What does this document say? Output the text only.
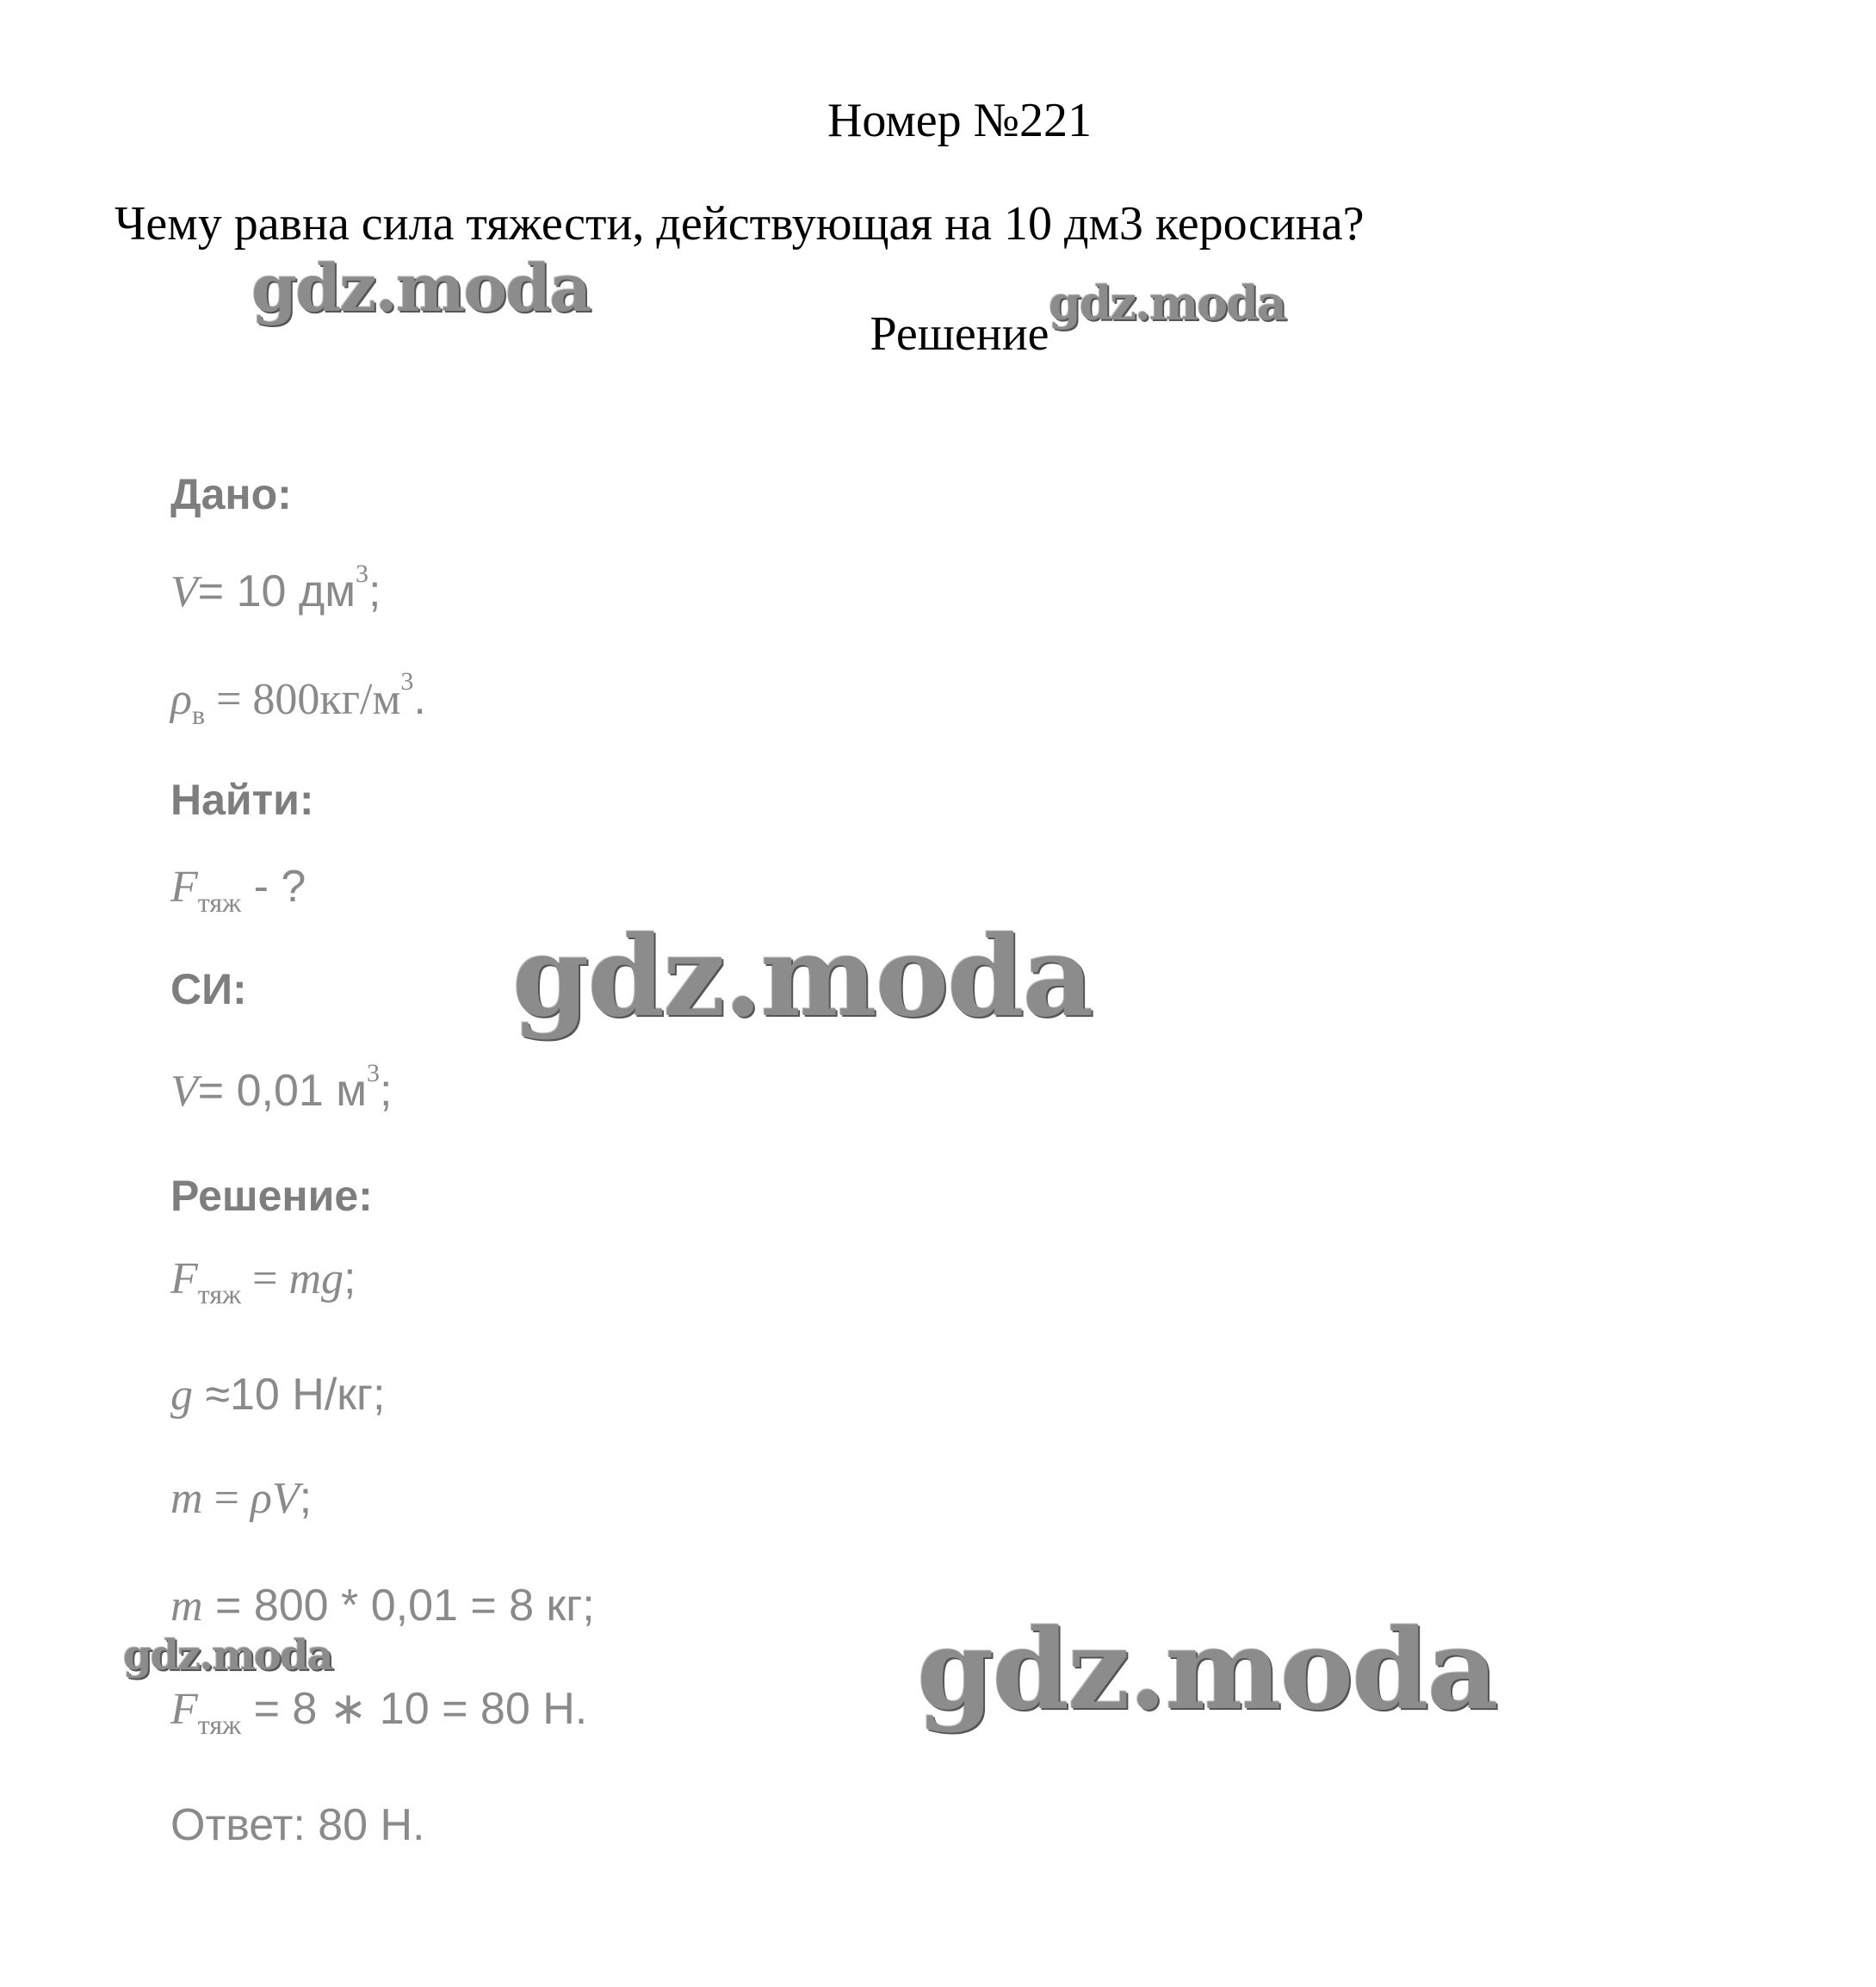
Номер №221
Чему равна сила тяжести, действующая на 10 дм3 керосина?
Решение
gdz.moda	gdz.moda
gdz.moda
gdz.moda	gdz.moda
Дано:
V= 10 $дм^3$;
$\rho_в = 800кг/м^3$.
Найти:
$F_{тяж}$ - ?
СИ:
V= 0,01 $м^3$;
Решение:
$F_{тяж}$ = mg;
g ≈10 Н/кг;
m = ρV;
m = 800 * 0,01 = 8 кг;
$F_{тяж} = 8$ ∗ 10 = 80 Н.
Ответ: 80 Н.
